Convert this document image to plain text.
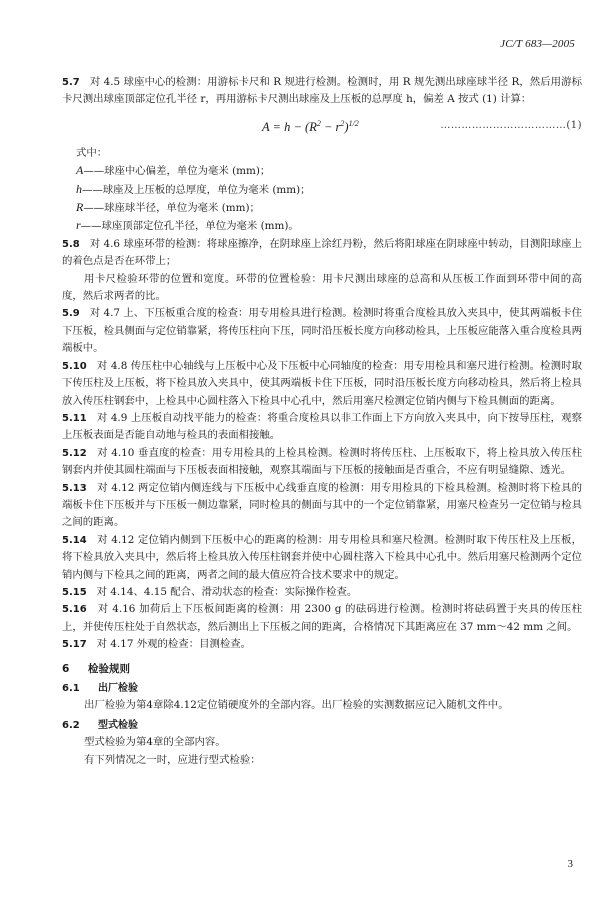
JC/T 683—2005

5.7 对 4.5 球座中心的检测：用游标卡尺和 R 规进行检测。检测时，用 R 规先测出球座球半径 R，然后用游标卡尺测出球座顶部定位孔半径 r，再用游标卡尺测出球座及上压板的总厚度 h，偏差 A 按式 (1) 计算：

$A = h - (R^2 - r^2)^{1/2}$	………………………………(1)
式中：
A——球座中心偏差，单位为毫米 (mm)；
h——球座及上压板的总厚度，单位为毫米 (mm)；
R——球座球半径，单位为毫米 (mm)；
r——球座顶部定位孔半径，单位为毫米 (mm)。

5.8 对 4.6 球座环带的检测：将球座擦净，在阴球座上涂红丹粉，然后将阳球座在阴球座中转动，目测阳球座上的着色点是否在环带上；

用卡尺检验环带的位置和宽度。环带的位置检验：用卡尺测出球座的总高和从压板工作面到环带中间的高度，然后求两者的比。

5.9 对 4.7 上、下压板重合度的检查：用专用检具进行检测。检测时将重合度检具放入夹具中，使其两端板卡住下压板，检具侧面与定位销靠紧，将传压柱向下压，同时沿压板长度方向移动检具，上压板应能落入重合度检具两端板中。

5.10 对 4.8 传压柱中心轴线与上压板中心及下压板中心同轴度的检查：用专用检具和塞尺进行检测。检测时取下传压柱及上压板，将下检具放入夹具中，使其两端板卡住下压板，同时沿压板长度方向移动检具，然后将上检具放入传压柱钢套中，上检具中心圆柱落入下检具中心孔中，然后用塞尺检测定位销内侧与下检具侧面的距离。

5.11 对 4.9 上压板自动找平能力的检查：将重合度检具以非工作面上下方向放入夹具中，向下按导压柱，观察上压板表面是否能自动地与检具的表面相接触。

5.12 对 4.10 垂直度的检查：用专用检具的上检具检测。检测时将传压柱、上压板取下，将上检具放入传压柱钢套内并使其圆柱端面与下压板表面相接触，观察其端面与下压板的接触面是否重合，不应有明显缝隙、透光。

5.13 对 4.12 两定位销内侧连线与下压板中心线垂直度的检测：用专用检具的下检具检测。检测时将下检具的端板卡住下压板并与下压板一侧边靠紧，同时检具的侧面与其中的一个定位销靠紧，用塞尺检查另一定位销与检具之间的距离。

5.14 对 4.12 定位销内侧到下压板中心的距离的检测：用专用检具和塞尺检测。检测时取下传压柱及上压板，将下检具放入夹具中，然后将上检具放入传压柱钢套并使中心圆柱落入下检具中心孔中。然后用塞尺检测两个定位销内侧与下检具之间的距离，两者之间的最大值应符合技术要求中的规定。

5.15 对 4.14、4.15 配合、滑动状态的检查：实际操作检查。

5.16 对 4.16 加荷后上下压板间距离的检测：用 2300 g 的砝码进行检测。检测时将砝码置于夹具的传压柱上，并使传压柱处于自然状态，然后测出上下压板之间的距离，合格情况下其距离应在 37 mm～42 mm 之间。

5.17 对 4.17 外观的检查：目测检查。

6 检验规则
6.1 出厂检验

出厂检验为第4章除4.12定位销硬度外的全部内容。出厂检验的实测数据应记入随机文件中。

6.2 型式检验

型式检验为第4章的全部内容。

有下列情况之一时，应进行型式检验：

3
